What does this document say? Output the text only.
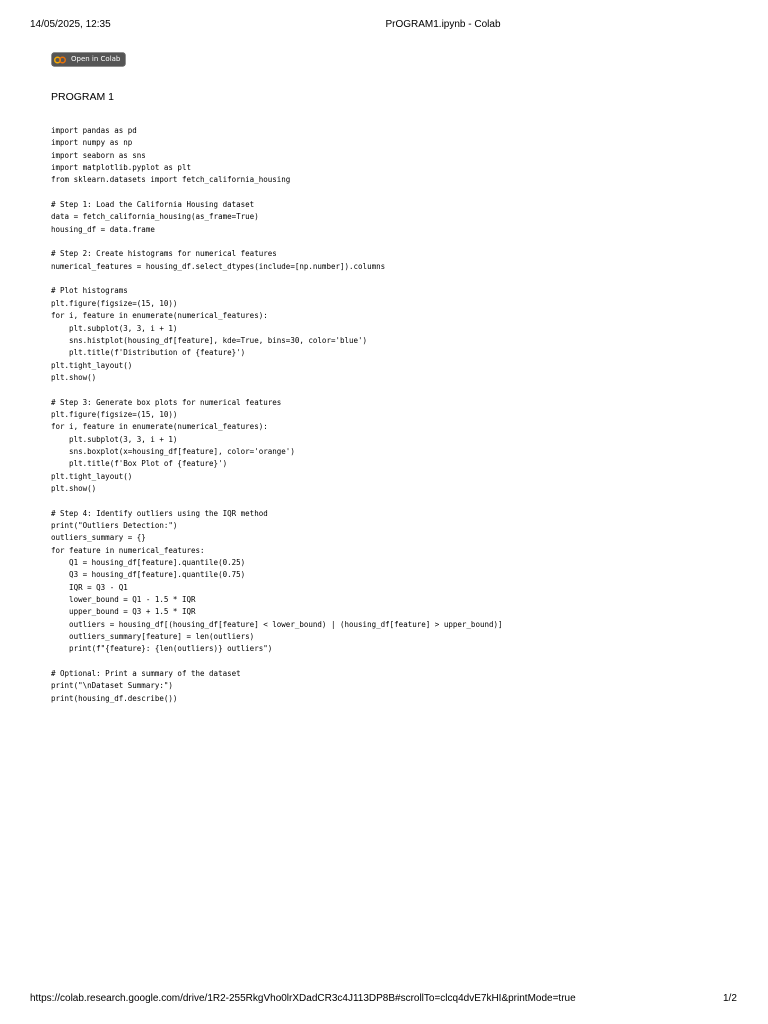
14/05/2025, 12:35	PrOGRAM1.ipynb - Colab
Open in Colab
PROGRAM 1
import pandas as pd
import numpy as np
import seaborn as sns
import matplotlib.pyplot as plt
from sklearn.datasets import fetch_california_housing
# Step 1: Load the California Housing dataset
data = fetch_california_housing(as_frame=True)
housing_df = data.frame
# Step 2: Create histograms for numerical features
numerical_features = housing_df.select_dtypes(include=[np.number]).columns
# Plot histograms
plt.figure(figsize=(15, 10))
for i, feature in enumerate(numerical_features):
plt.subplot(3, 3, i + 1)
sns.histplot(housing_df[feature], kde=True, bins=30, color='blue')
plt.title(f'Distribution of {feature}')
plt.tight_layout()
plt.show()
# Step 3: Generate box plots for numerical features
plt.figure(figsize=(15, 10))
for i, feature in enumerate(numerical_features):
plt.subplot(3, 3, i + 1)
sns.boxplot(x=housing_df[feature], color='orange')
plt.title(f'Box Plot of {feature}')
plt.tight_layout()
plt.show()
# Step 4: Identify outliers using the IQR method
print("Outliers Detection:")
outliers_summary = {}
for feature in numerical_features:
Q1 = housing_df[feature].quantile(0.25)
Q3 = housing_df[feature].quantile(0.75)
IQR = Q3 - Q1
lower_bound = Q1 - 1.5 * IQR
upper_bound = Q3 + 1.5 * IQR
outliers = housing_df[(housing_df[feature] < lower_bound) | (housing_df[feature] > upper_bound)]
outliers_summary[feature] = len(outliers)
print(f"{feature}: {len(outliers)} outliers")
# Optional: Print a summary of the dataset
print("\nDataset Summary:")
print(housing_df.describe())
https://colab.research.google.com/drive/1R2-255RkgVho0lrXDadCR3c4J113DP8B#scrollTo=clcq4dvE7kHI&printMode=true	1/2
